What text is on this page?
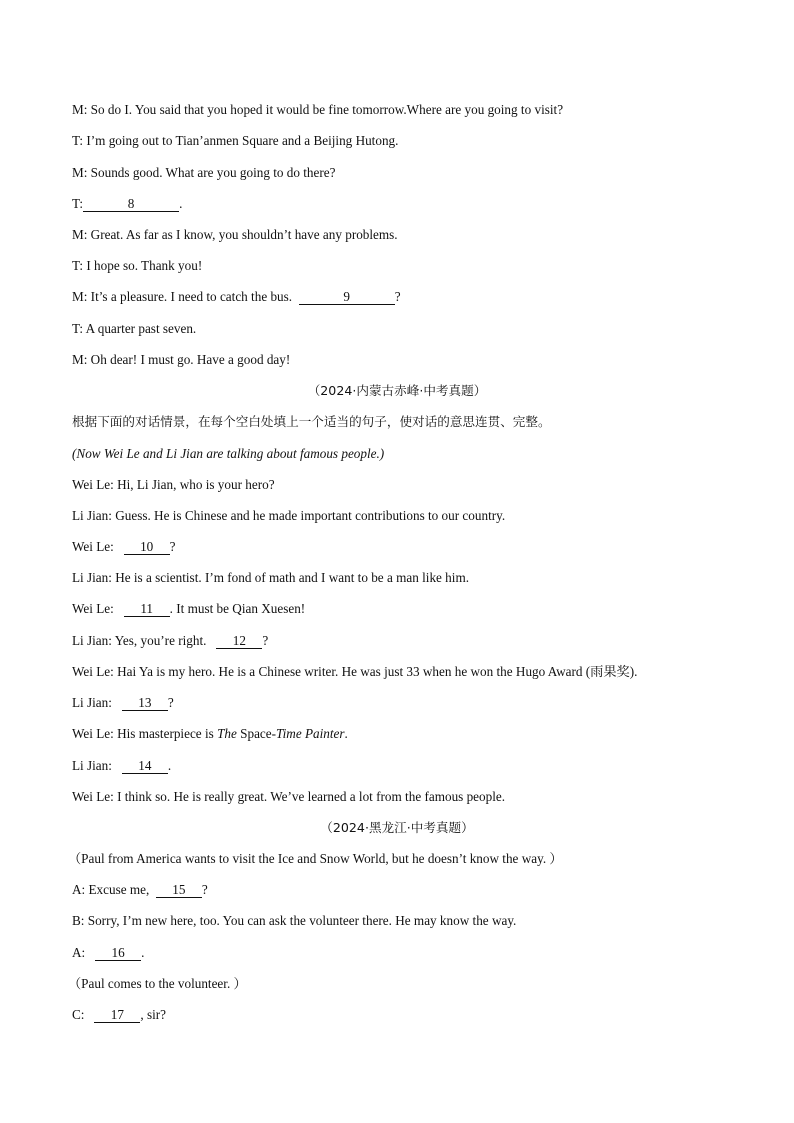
M: So do I. You said that you hoped it would be fine tomorrow.Where are you going to visit?
T: I’m going out to Tian’anmen Square and a Beijing Hutong.
M: Sounds good. What are you going to do there?
T:	8	.
M: Great. As far as I know, you shouldn’t have any problems.
T: I hope so. Thank you!
M: It’s a pleasure. I need to catch the bus.	9	?
T: A quarter past seven.
M: Oh dear! I must go. Have a good day!
（2024·内蒙古赤峰·中考真题）
根据下面的对话情景，在每个空白处填上一个适当的句子，使对话的意思连贯、完整。
(Now Wei Le and Li Jian are talking about famous people.)
Wei Le: Hi, Li Jian, who is your hero?
Li Jian: Guess. He is Chinese and he made important contributions to our country.
Wei Le: 10 ?
Li Jian: He is a scientist. I’m fond of math and I want to be a man like him.
Wei Le: 11 . It must be Qian Xuesen!
Li Jian: Yes, you’re right. 12 ?
Wei Le: Hai Ya is my hero. He is a Chinese writer. He was just 33 when he won the Hugo Award (雨果奖).
Li Jian: 13 ?
Wei Le: His masterpiece is The Space-Time Painter.
Li Jian: 14 .
Wei Le: I think so. He is really great. We’ve learned a lot from the famous people.
（2024·黑龙江·中考真题）
（Paul from America wants to visit the Ice and Snow World, but he doesn’t know the way. ）
A: Excuse me, 15 ?
B: Sorry, I’m new here, too. You can ask the volunteer there. He may know the way.
A: 16 .
（Paul comes to the volunteer. ）
C: 17 , sir?
